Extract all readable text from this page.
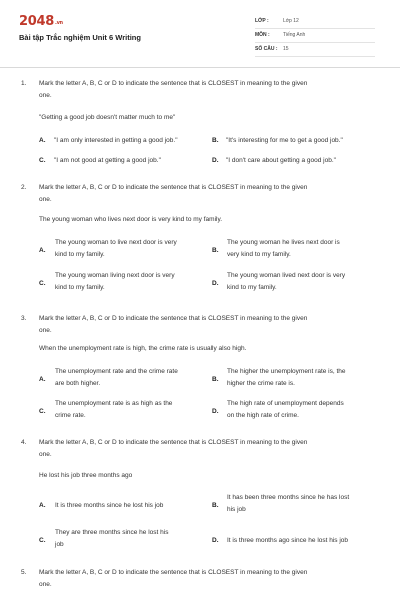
2048.vn
Bài tập Trắc nghiệm Unit 6 Writing
LỚP :	Lớp 12
MÔN :	Tiếng Anh
SỐ CÂU : 15
1. Mark the letter A, B, C or D to indicate the sentence that is CLOSEST in meaning to the given
one.
"Getting a good job doesn't matter much to me"
A. "I am only interested in getting a good job."	B. "It's interesting for me to get a good job."
C. "I am not good at getting a good job."	D. "I don't care about getting a good job."
2. Mark the letter A, B, C or D to indicate the sentence that is CLOSEST in meaning to the given
one.
The young woman who lives next door is very kind to my family.
A.
The young woman to live next door is very
kind to my family.	B.
The young woman he lives next door is
very kind to my family.
C.
The young woman living next door is very
kind to my family.	D.
The young woman lived next door is very
kind to my family.
3. Mark the letter A, B, C or D to indicate the sentence that is CLOSEST in meaning to the given
one.
When the unemployment rate is high, the crime rate is usually also high.
A.
The unemployment rate and the crime rate
are both higher.	B.
The higher the unemployment rate is, the
higher the crime rate is.
C.
The unemployment rate is as high as the
crime rate.	D.
The high rate of unemployment depends
on the high rate of crime.
4. Mark the letter A, B, C or D to indicate the sentence that is CLOSEST in meaning to the given
one.
He lost his job three months ago
A. It is three months since he lost his job	B.
It has been three months since he has lost
his job
C.
They are three months since he lost his
job	D. It is three months ago since he lost his job
5. Mark the letter A, B, C or D to indicate the sentence that is CLOSEST in meaning to the given
one.
